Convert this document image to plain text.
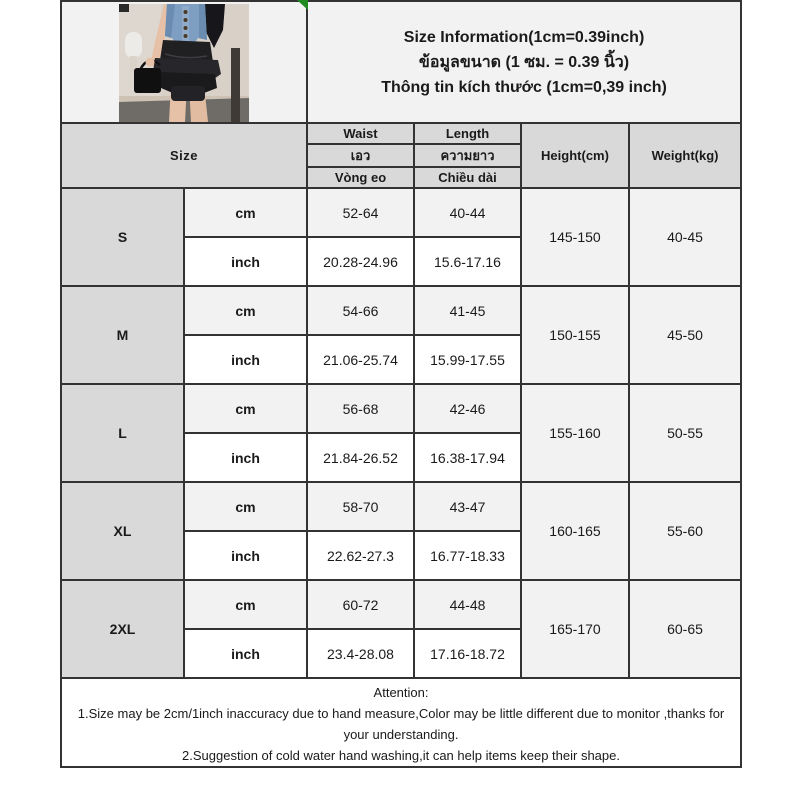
Size Information(1cm=0.39inch)
ข้อมูลขนาด (1 ซม. = 0.39 นิ้ว)
Thông tin kích thước (1cm=0,39 inch)			

Size		Waist	Length	Height(cm)	Weight(kg)
		เอว	ความยาว		
		Vòng eo	Chiều dài		
S	cm	52-64	40-44	145-150	40-45
	inch	20.28-24.96	15.6-17.16		
M	cm	54-66	41-45	150-155	45-50
	inch	21.06-25.74	15.99-17.55		
L	cm	56-68	42-46	155-160	50-55
	inch	21.84-26.52	16.38-17.94		
XL	cm	58-70	43-47	160-165	55-60
	inch	22.62-27.3	16.77-18.33		
2XL	cm	60-72	44-48	165-170	60-65
	inch	23.4-28.08	17.16-18.72		

Attention:
1.Size may be 2cm/1inch inaccuracy due to hand measure,Color may be little different due to monitor ,thanks for your understanding.
2.Suggestion of cold water hand washing,it can help items keep their shape.					
